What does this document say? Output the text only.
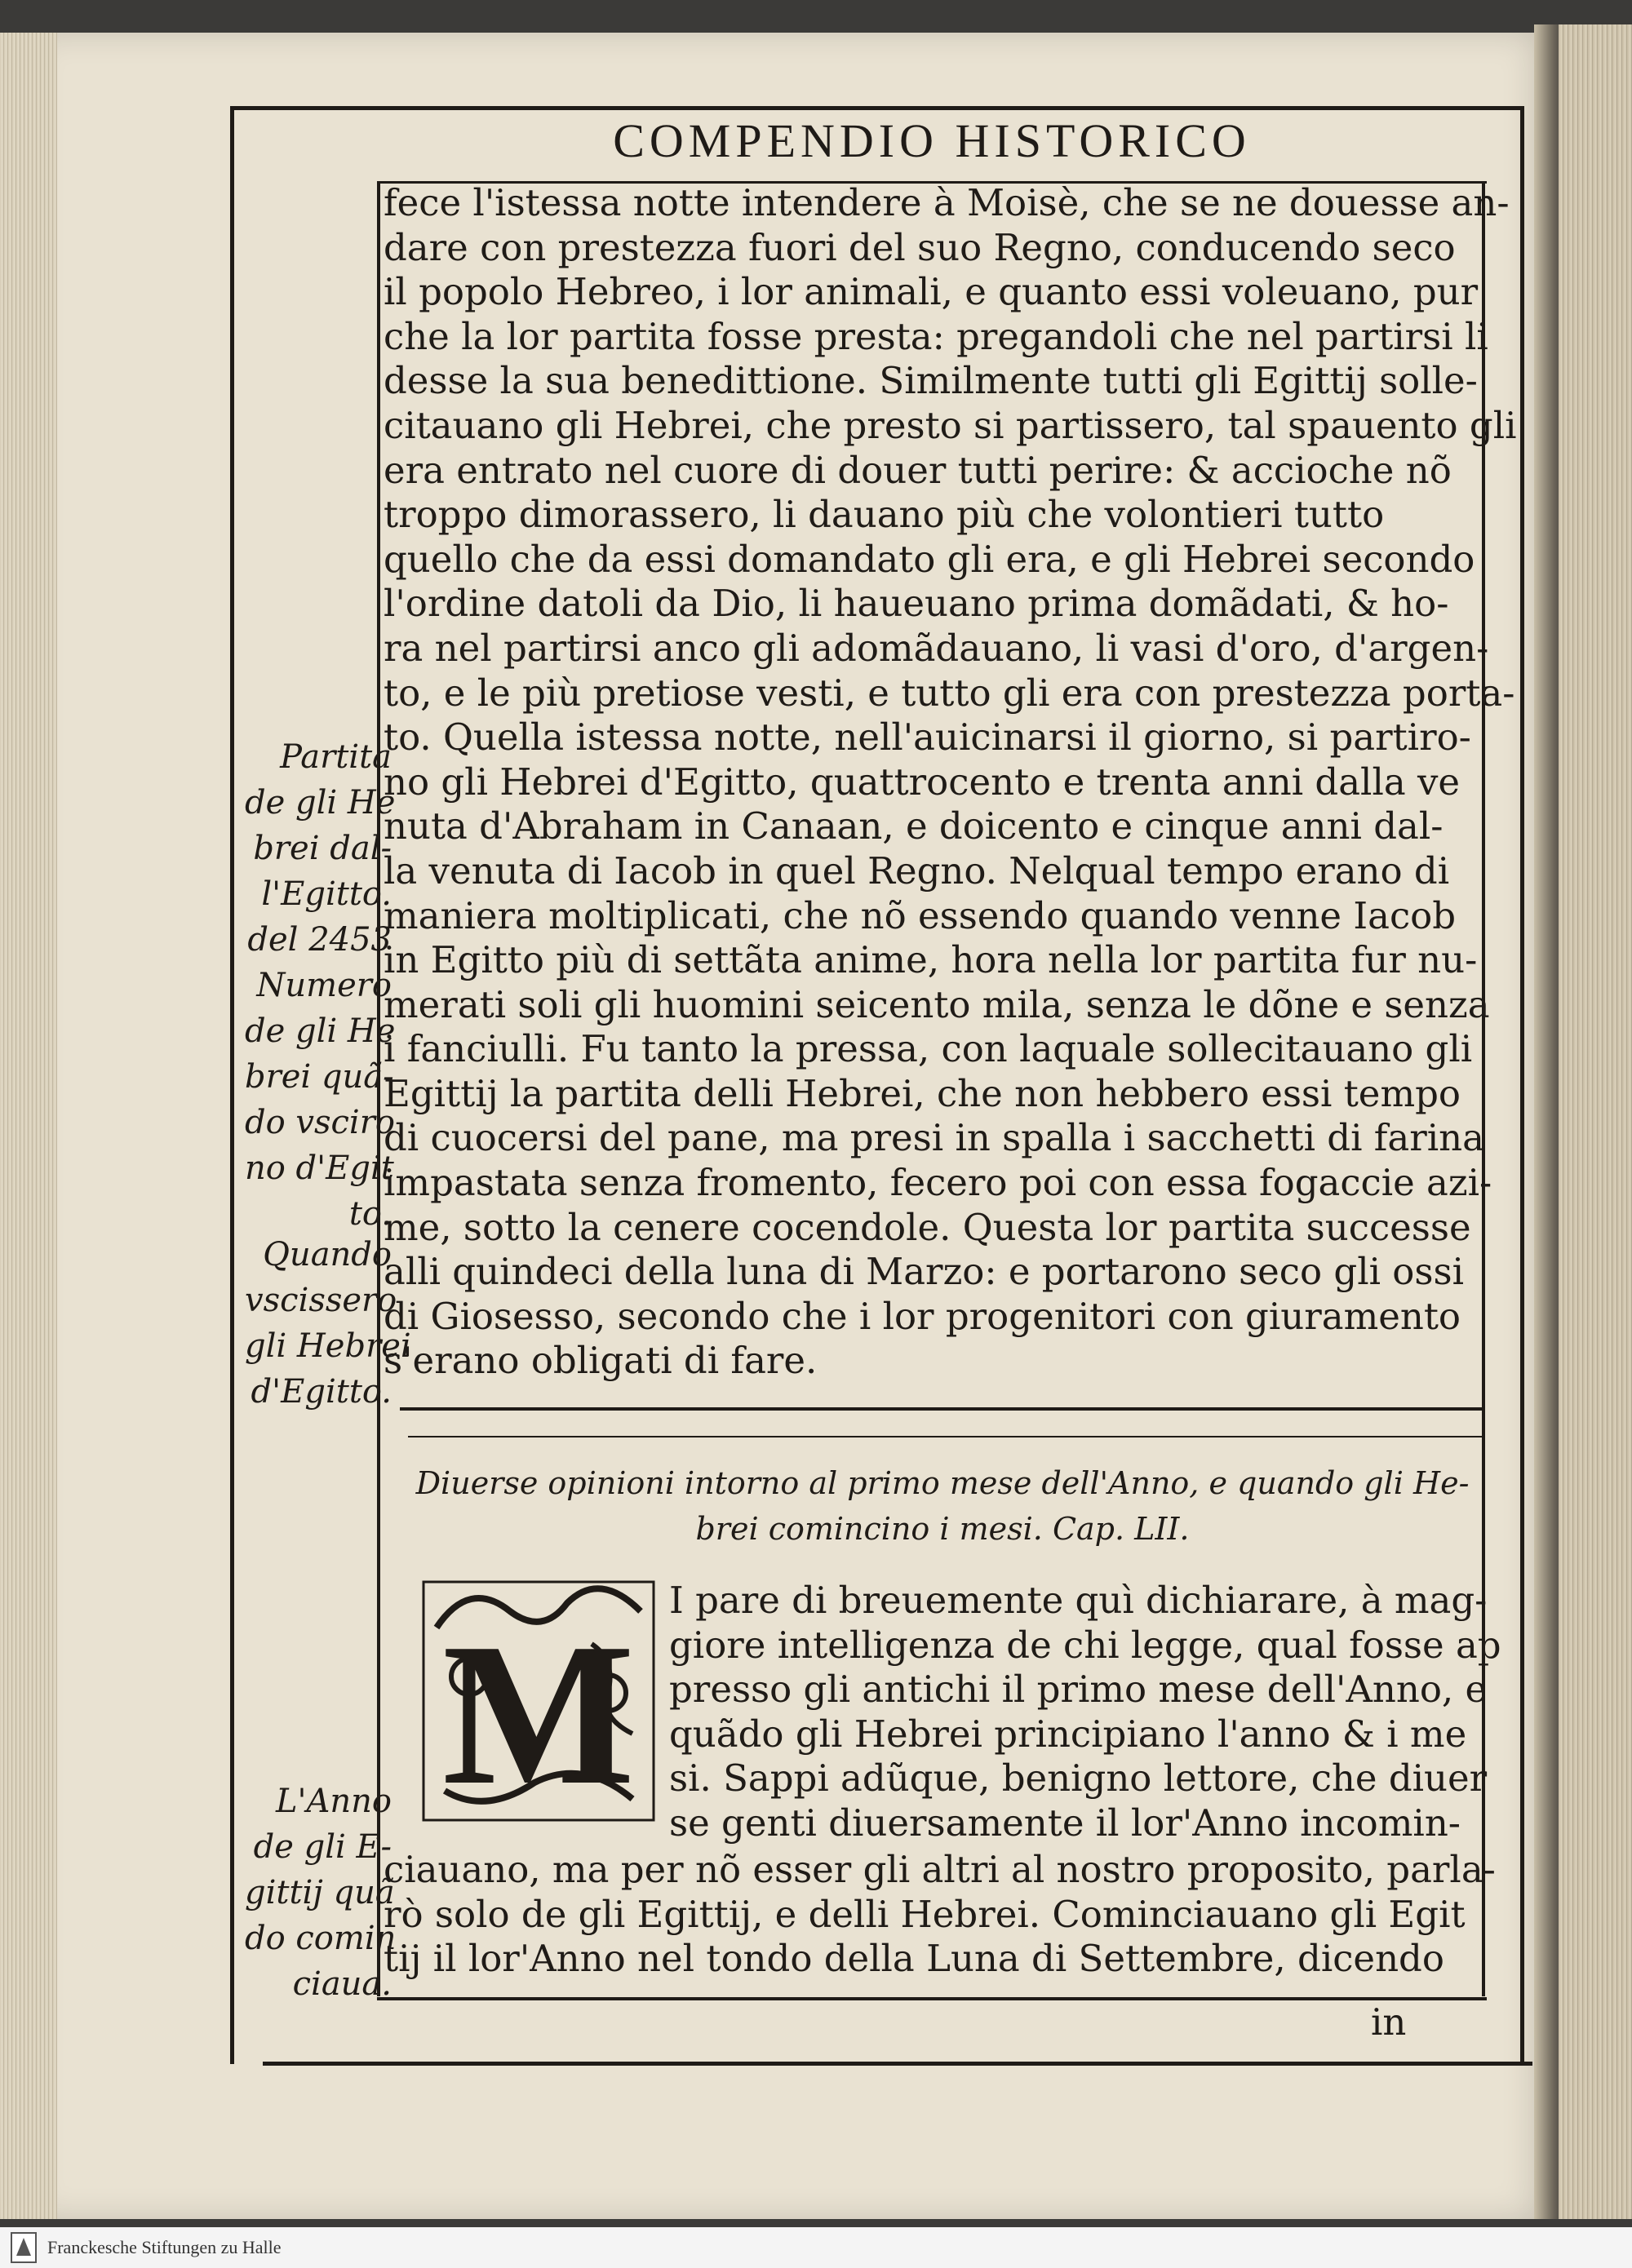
COMPENDIO HISTORICO
fece l'istessa notte intendere à Moisè, che se ne douesse an-
dare con prestezza fuori del suo Regno, conducendo seco
il popolo Hebreo, i lor animali, e quanto essi voleuano, pur
che la lor partita fosse presta: pregandoli che nel partirsi li
desse la sua benedittione. Similmente tutti gli Egittij solle-
citauano gli Hebrei, che presto si partissero, tal spauento gli
era entrato nel cuore di douer tutti perire: & accioche nõ
troppo dimorassero, li dauano più che volontieri tutto
quello che da essi domandato gli era, e gli Hebrei secondo
l'ordine datoli da Dio, li haueuano prima domãdati, & ho-
ra nel partirsi anco gli adomãdauano, li vasi d'oro, d'argen-
to, e le più pretiose vesti, e tutto gli era con prestezza porta-
to. Quella istessa notte, nell'auicinarsi il giorno, si partiro-
no gli Hebrei d'Egitto, quattrocento e trenta anni dalla ve
nuta d'Abraham in Canaan, e doicento e cinque anni dal-
la venuta di Iacob in quel Regno. Nelqual tempo erano di
maniera moltiplicati, che nõ essendo quando venne Iacob
in Egitto più di settãta anime, hora nella lor partita fur nu-
merati soli gli huomini seicento mila, senza le dõne e senza
i fanciulli. Fu tanto la pressa, con laquale sollecitauano gli
Egittij la partita delli Hebrei, che non hebbero essi tempo
di cuocersi del pane, ma presi in spalla i sacchetti di farina
impastata senza fromento, fecero poi con essa fogaccie azi-
me, sotto la cenere cocendole. Questa lor partita successe
alli quindeci della luna di Marzo: e portarono seco gli ossi
di Giosesso, secondo che i lor progenitori con giuramento
s'erano obligati di fare.
Partita
de gli He
brei dal-
l'Egitto.
del 2453
Numero
de gli He
brei quã-
do vsciro
no d'Egit
to.
Quando
vscissero
gli Hebrei
d'Egitto.
L'Anno
de gli E-
gittij quã
do comin
ciaua.
Diuerse opinioni intorno al primo mese dell'Anno, e quando gli He-
brei comincino i mesi. Cap. LII.
M
I pare di breuemente quì dichiarare, à mag-
giore intelligenza de chi legge, qual fosse ap
presso gli antichi il primo mese dell'Anno, e
quãdo gli Hebrei principiano l'anno & i me
si. Sappi adũque, benigno lettore, che diuer
se genti diuersamente il lor'Anno incomin-
ciauano, ma per nõ esser gli altri al nostro proposito, parla-
rò solo de gli Egittij, e delli Hebrei. Cominciauano gli Egit
tij il lor'Anno nel tondo della Luna di Settembre, dicendo
in
Franckesche Stiftungen zu Halle
